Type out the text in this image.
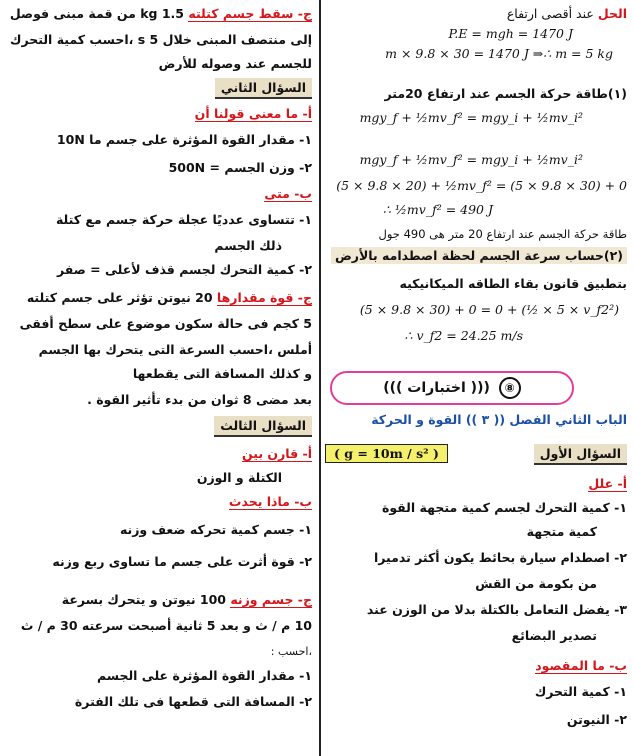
الحل عند أقصى ارتفاع
P.E = mgh = 1470 J
m × 9.8 × 30 = 1470 J ⇒∴ m = 5 kg
(١)طاقة حركة الجسم عند ارتفاع 20متر
mgy_f + ½mv_f² = mgy_i + ½mv_i²
mgy_f + ½mv_f² = mgy_i + ½mv_i²
(5 × 9.8 × 20) + ½mv_f² = (5 × 9.8 × 30) + 0
∴ ½mv_f² = 490 J
طاقة حركة الجسم عند ارتفاع 20 متر هى 490 جول
(٢)حساب سرعة الجسم لحظة اصطدامه بالأرض
بتطبيق قانون بقاء الطاقه الميكانيكيه
(5 × 9.8 × 30) + 0 = 0 + (½ × 5 × v_f2²)
∴ v_f2 = 24.25 m/s
الباب الثاني الفصل (( ٣ )) القوة و الحركة
السؤال الأول
أ- علل
١- كمية التحرك لجسم كمية متجهة القوة
كمية متجهة
٢- اصطدام سيارة بحائط يكون أكثر تدميرا
من بكومة من القش
٣- يفضل التعامل بالكتلة بدلا من الوزن عند
تصدير البضائع
ب- ما المقصود
١- كمية التحرك
٢- النيوتن
ج- سقط جسم كتلته 1.5 kg من قمة مبنى فوصل
إلى منتصف المبنى خلال 5 s ،احسب كمية التحرك
للجسم عند وصوله للأرض
السؤال الثاني
أ- ما معنى قولنا أن
١- مقدار القوة المؤثرة على جسم ما 10N
٢- وزن الجسم = 500N
ب- متى
١- تتساوى عدديًا عجلة حركة جسم مع كتلة
ذلك الجسم
٢- كمية التحرك لجسم قذف لأعلى = صفر
ج- قوة مقدارها 20 نيوتن تؤثر على جسم كتلته
5 كجم فى حالة سكون موضوع على سطح أفقى
أملس ،احسب السرعة التى يتحرك بها الجسم
و كذلك المسافة التى يقطعها
بعد مضى 8 ثوان من بدء تأثير القوة .
السؤال الثالث
أ- قارن بين
الكتلة و الوزن
ب- ماذا يحدث
١- جسم كمية تحركه ضعف وزنه
٢- قوة أثرت على جسم ما تساوى ربع وزنه
ج- جسم وزنه 100 نيوتن و يتحرك بسرعة
10 م / ث و بعد 5 ثانية أصبحت سرعته 30 م / ث
،احسب :
١- مقدار القوة المؤثرة على الجسم
٢- المسافة التى قطعها فى تلك الفترة
⑧ ((( اختبارات )))
( g = 10m / s² )
